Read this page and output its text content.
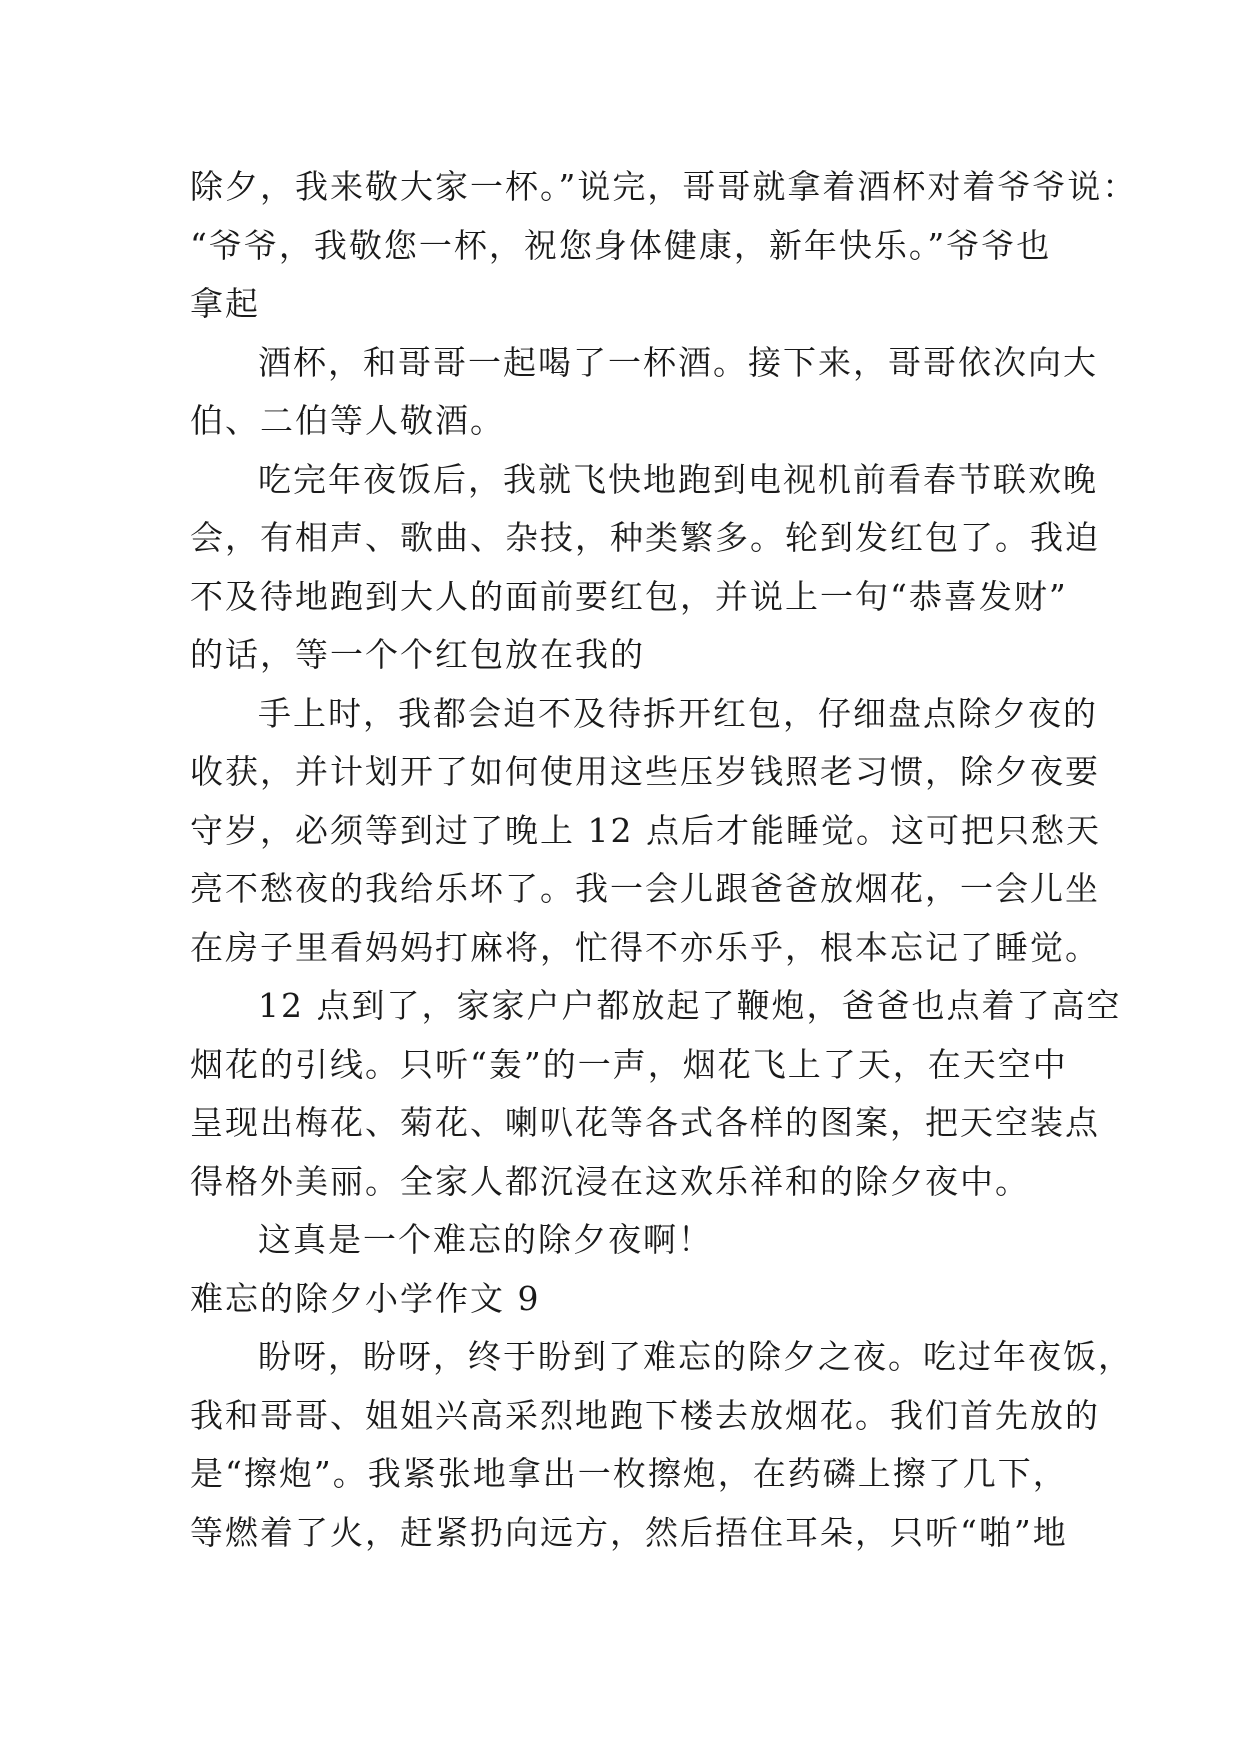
除夕，我来敬大家一杯。”说完，哥哥就拿着酒杯对着爷爷说：
“爷爷，我敬您一杯，祝您身体健康，新年快乐。”爷爷也
拿起
酒杯，和哥哥一起喝了一杯酒。接下来，哥哥依次向大
伯、二伯等人敬酒。
吃完年夜饭后，我就飞快地跑到电视机前看春节联欢晚
会，有相声、歌曲、杂技，种类繁多。轮到发红包了。我迫
不及待地跑到大人的面前要红包，并说上一句“恭喜发财”
的话，等一个个红包放在我的
手上时，我都会迫不及待拆开红包，仔细盘点除夕夜的
收获，并计划开了如何使用这些压岁钱照老习惯，除夕夜要
守岁，必须等到过了晚上 12 点后才能睡觉。这可把只愁天
亮不愁夜的我给乐坏了。我一会儿跟爸爸放烟花，一会儿坐
在房子里看妈妈打麻将，忙得不亦乐乎，根本忘记了睡觉。
12 点到了，家家户户都放起了鞭炮，爸爸也点着了高空
烟花的引线。只听“轰”的一声，烟花飞上了天，在天空中
呈现出梅花、菊花、喇叭花等各式各样的图案，把天空装点
得格外美丽。全家人都沉浸在这欢乐祥和的除夕夜中。
这真是一个难忘的除夕夜啊！
难忘的除夕小学作文 9
盼呀，盼呀，终于盼到了难忘的除夕之夜。吃过年夜饭，
我和哥哥、姐姐兴高采烈地跑下楼去放烟花。我们首先放的
是“擦炮”。我紧张地拿出一枚擦炮，在药磷上擦了几下，
等燃着了火，赶紧扔向远方，然后捂住耳朵，只听“啪”地
